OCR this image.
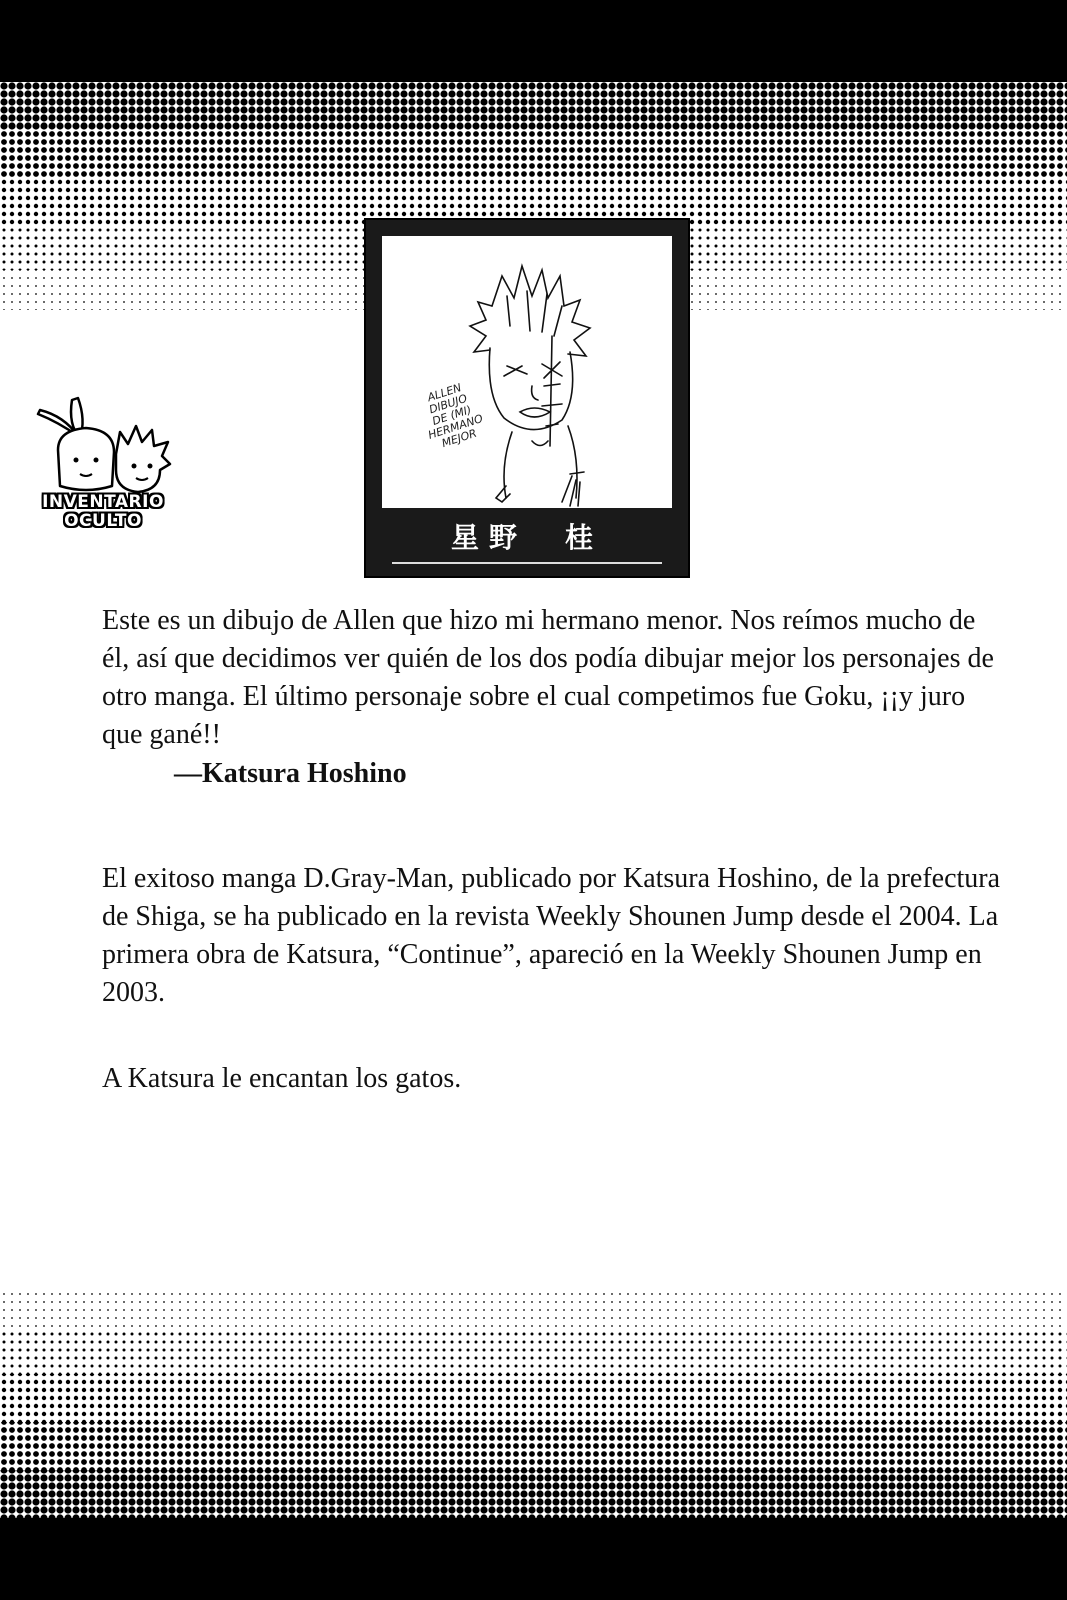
ALLEN
DIBUJO
DE (MI)
HERMANO
MEJOR
星野　桂
INVENTARIO
OCULTO

Este es un dibujo de Allen que hizo mi hermano menor. Nos reímos mucho de él, así que decidimos ver quién de los dos podía dibujar mejor los personajes de otro manga. El último personaje sobre el cual competimos fue Goku, ¡¡y juro que gané!!

—Katsura Hoshino

El exitoso manga D.Gray-Man, publicado por Katsura Hoshino, de la prefectura de Shiga, se ha publicado en la revista Weekly Shounen Jump desde el 2004. La primera obra de Katsura, “Continue”, apareció en la Weekly Shounen Jump en 2003.

A Katsura le encantan los gatos.
